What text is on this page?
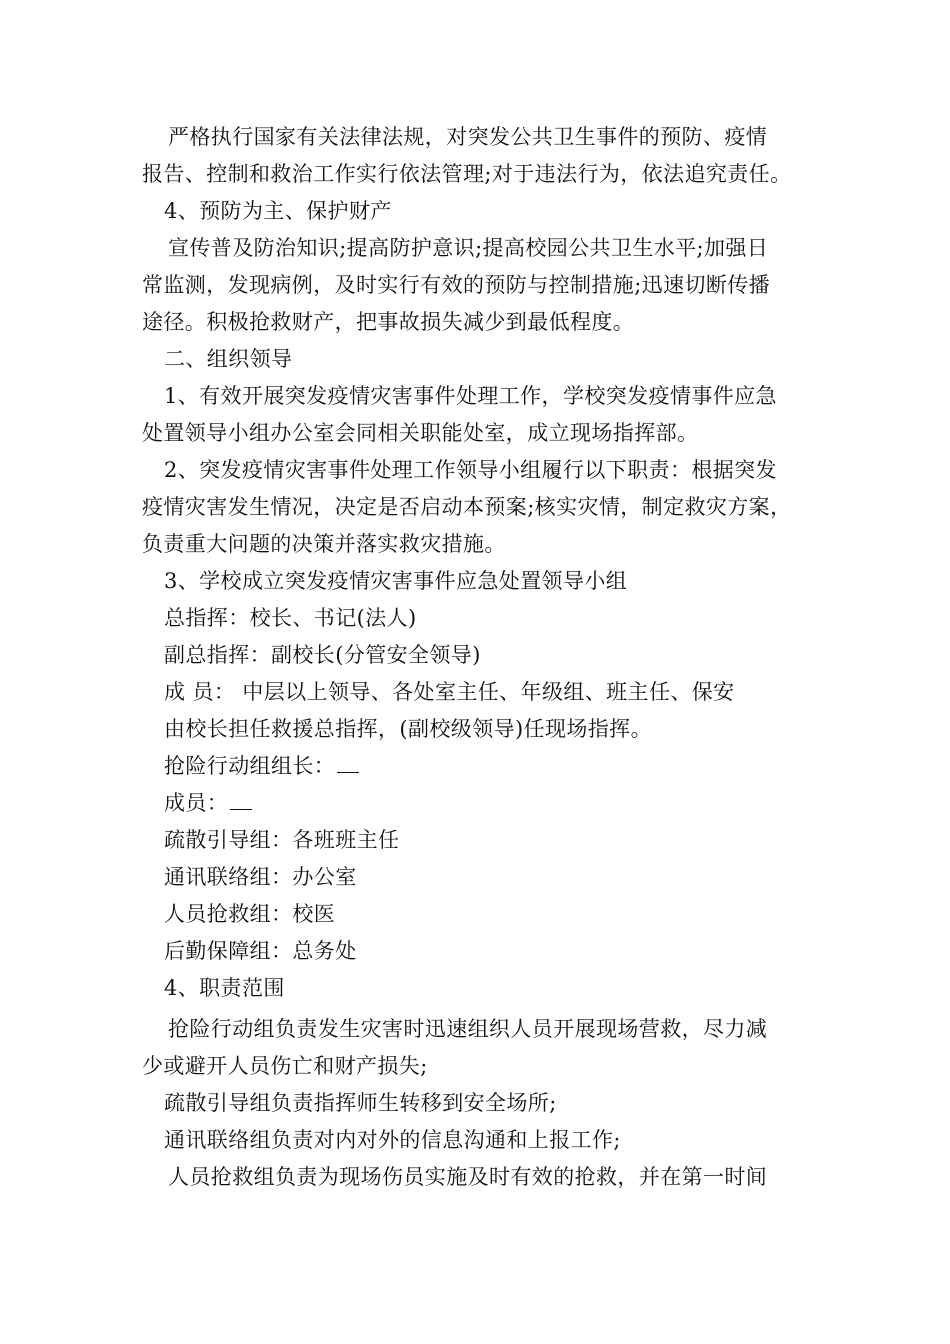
严格执行国家有关法律法规，对突发公共卫生事件的预防、疫情
报告、控制和救治工作实行依法管理;对于违法行为，依法追究责任。
4、预防为主、保护财产
宣传普及防治知识;提高防护意识;提高校园公共卫生水平;加强日
常监测，发现病例，及时实行有效的预防与控制措施;迅速切断传播
途径。积极抢救财产，把事故损失减少到最低程度。
二、组织领导
1、有效开展突发疫情灾害事件处理工作，学校突发疫情事件应急
处置领导小组办公室会同相关职能处室，成立现场指挥部。
2、突发疫情灾害事件处理工作领导小组履行以下职责：根据突发
疫情灾害发生情况，决定是否启动本预案;核实灾情，制定救灾方案，
负责重大问题的决策并落实救灾措施。
3、学校成立突发疫情灾害事件应急处置领导小组
总指挥：校长、书记(法人)
副总指挥：副校长(分管安全领导)
成 员： 中层以上领导、各处室主任、年级组、班主任、保安
由校长担任救援总指挥，(副校级领导)任现场指挥。
抢险行动组组长：
成员：
疏散引导组：各班班主任
通讯联络组：办公室
人员抢救组：校医
后勤保障组：总务处
4、职责范围
抢险行动组负责发生灾害时迅速组织人员开展现场营救，尽力减
少或避开人员伤亡和财产损失;
疏散引导组负责指挥师生转移到安全场所;
通讯联络组负责对内对外的信息沟通和上报工作;
人员抢救组负责为现场伤员实施及时有效的抢救，并在第一时间
